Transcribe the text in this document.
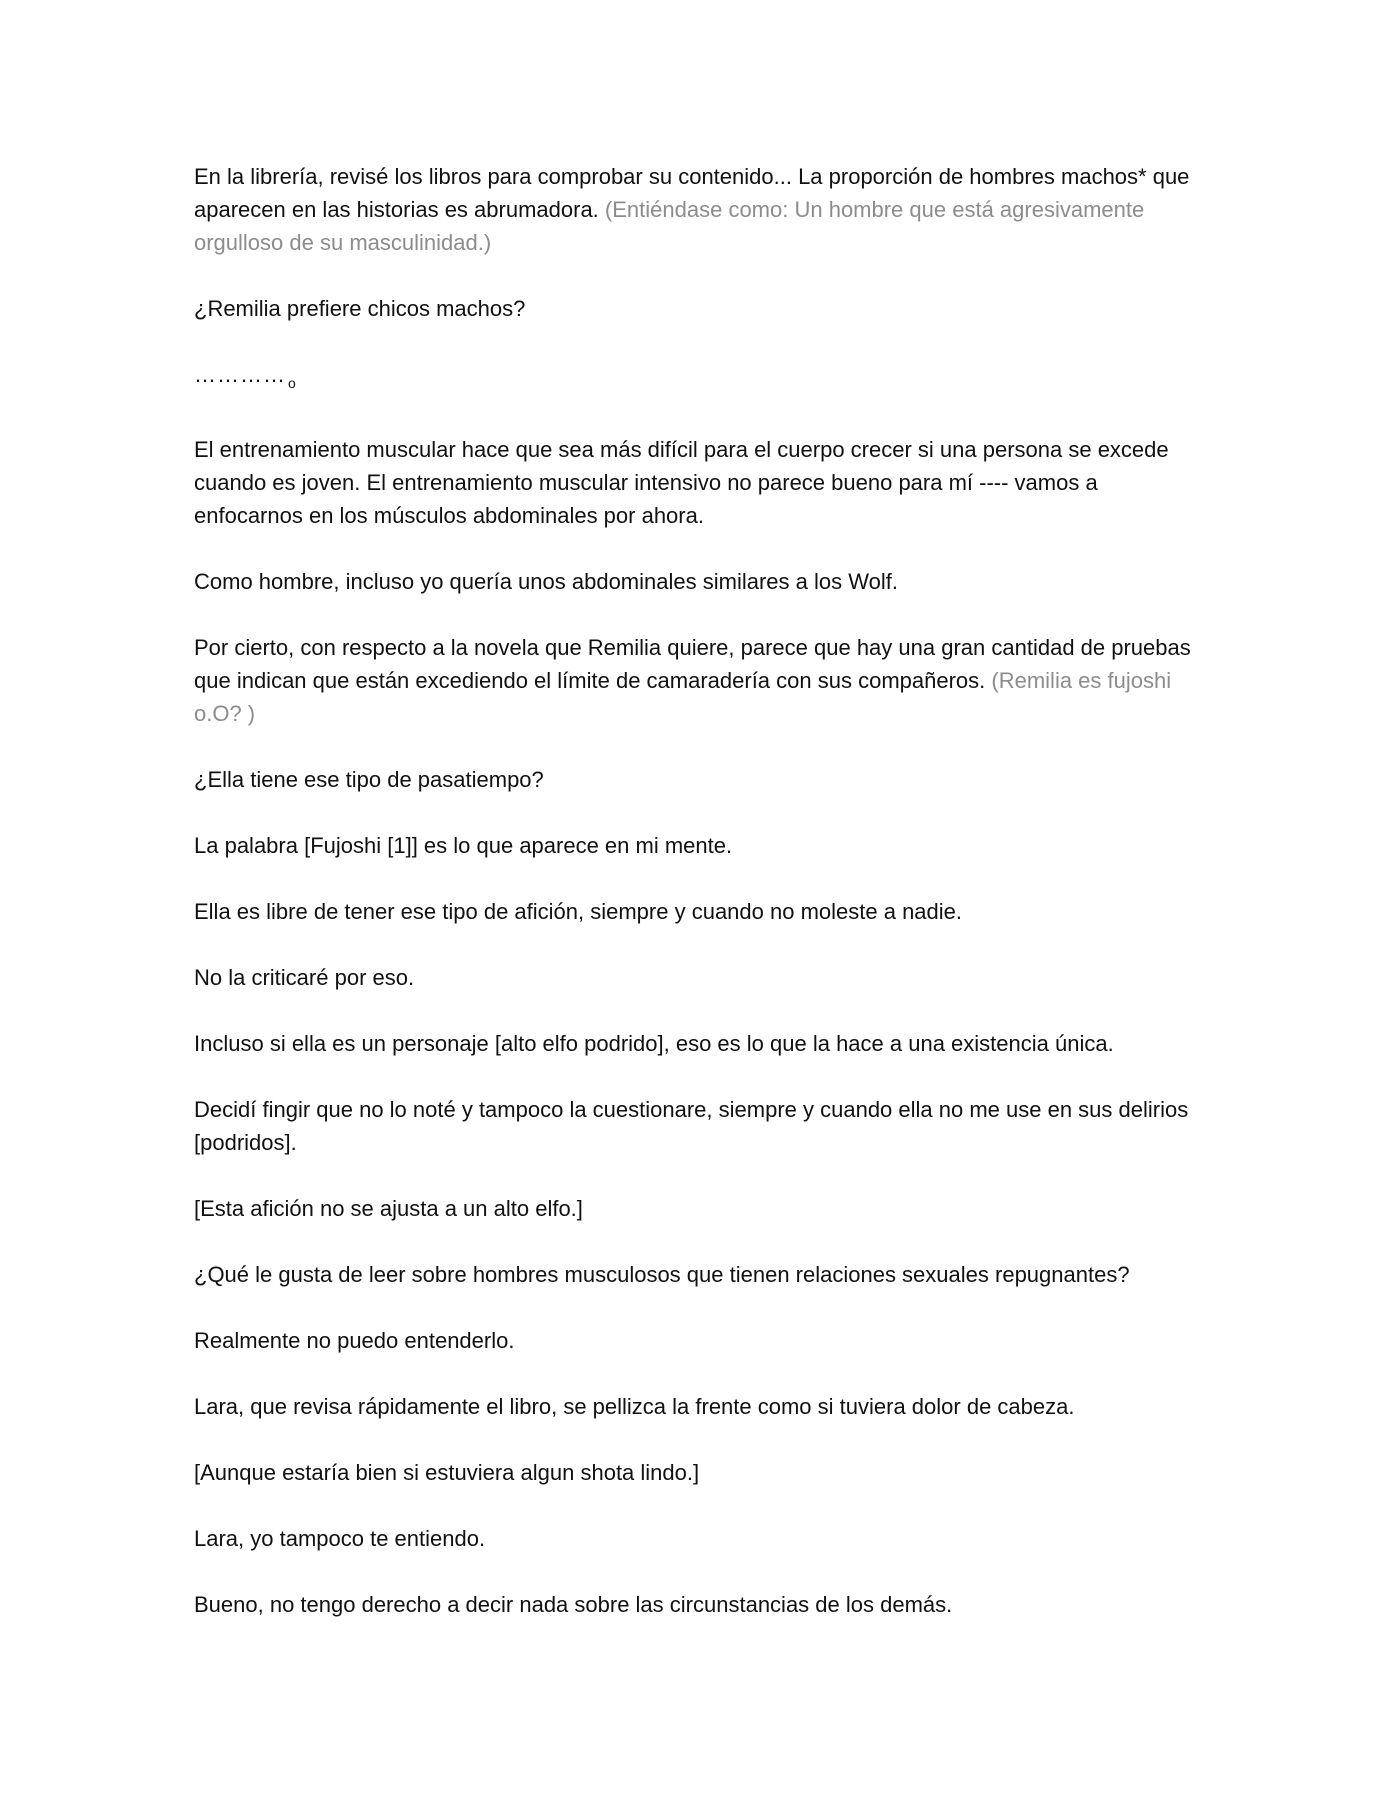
En la librería, revisé los libros para comprobar su contenido... La proporción de hombres machos* que aparecen en las historias es abrumadora. (Entiéndase como: Un hombre que está agresivamente orgulloso de su masculinidad.)

¿Remilia prefiere chicos machos?

………… $_o$

El entrenamiento muscular hace que sea más difícil para el cuerpo crecer si una persona se excede cuando es joven. El entrenamiento muscular intensivo no parece bueno para mí ---- vamos a enfocarnos en los músculos abdominales por ahora.

Como hombre, incluso yo quería unos abdominales similares a los Wolf.

Por cierto, con respecto a la novela que Remilia quiere, parece que hay una gran cantidad de pruebas que indican que están excediendo el límite de camaradería con sus compañeros. (Remilia es fujoshi o.O? )

¿Ella tiene ese tipo de pasatiempo?

La palabra [Fujoshi [1]] es lo que aparece en mi mente.

Ella es libre de tener ese tipo de afición, siempre y cuando no moleste a nadie.

No la criticaré por eso.

Incluso si ella es un personaje [alto elfo podrido], eso es lo que la hace a una existencia única.

Decidí fingir que no lo noté y tampoco la cuestionare, siempre y cuando ella no me use en sus delirios [podridos].

[Esta afición no se ajusta a un alto elfo.]

¿Qué le gusta de leer sobre hombres musculosos que tienen relaciones sexuales repugnantes?

Realmente no puedo entenderlo.

Lara, que revisa rápidamente el libro, se pellizca la frente como si tuviera dolor de cabeza.

[Aunque estaría bien si estuviera algun shota lindo.]

Lara, yo tampoco te entiendo.

Bueno, no tengo derecho a decir nada sobre las circunstancias de los demás.
